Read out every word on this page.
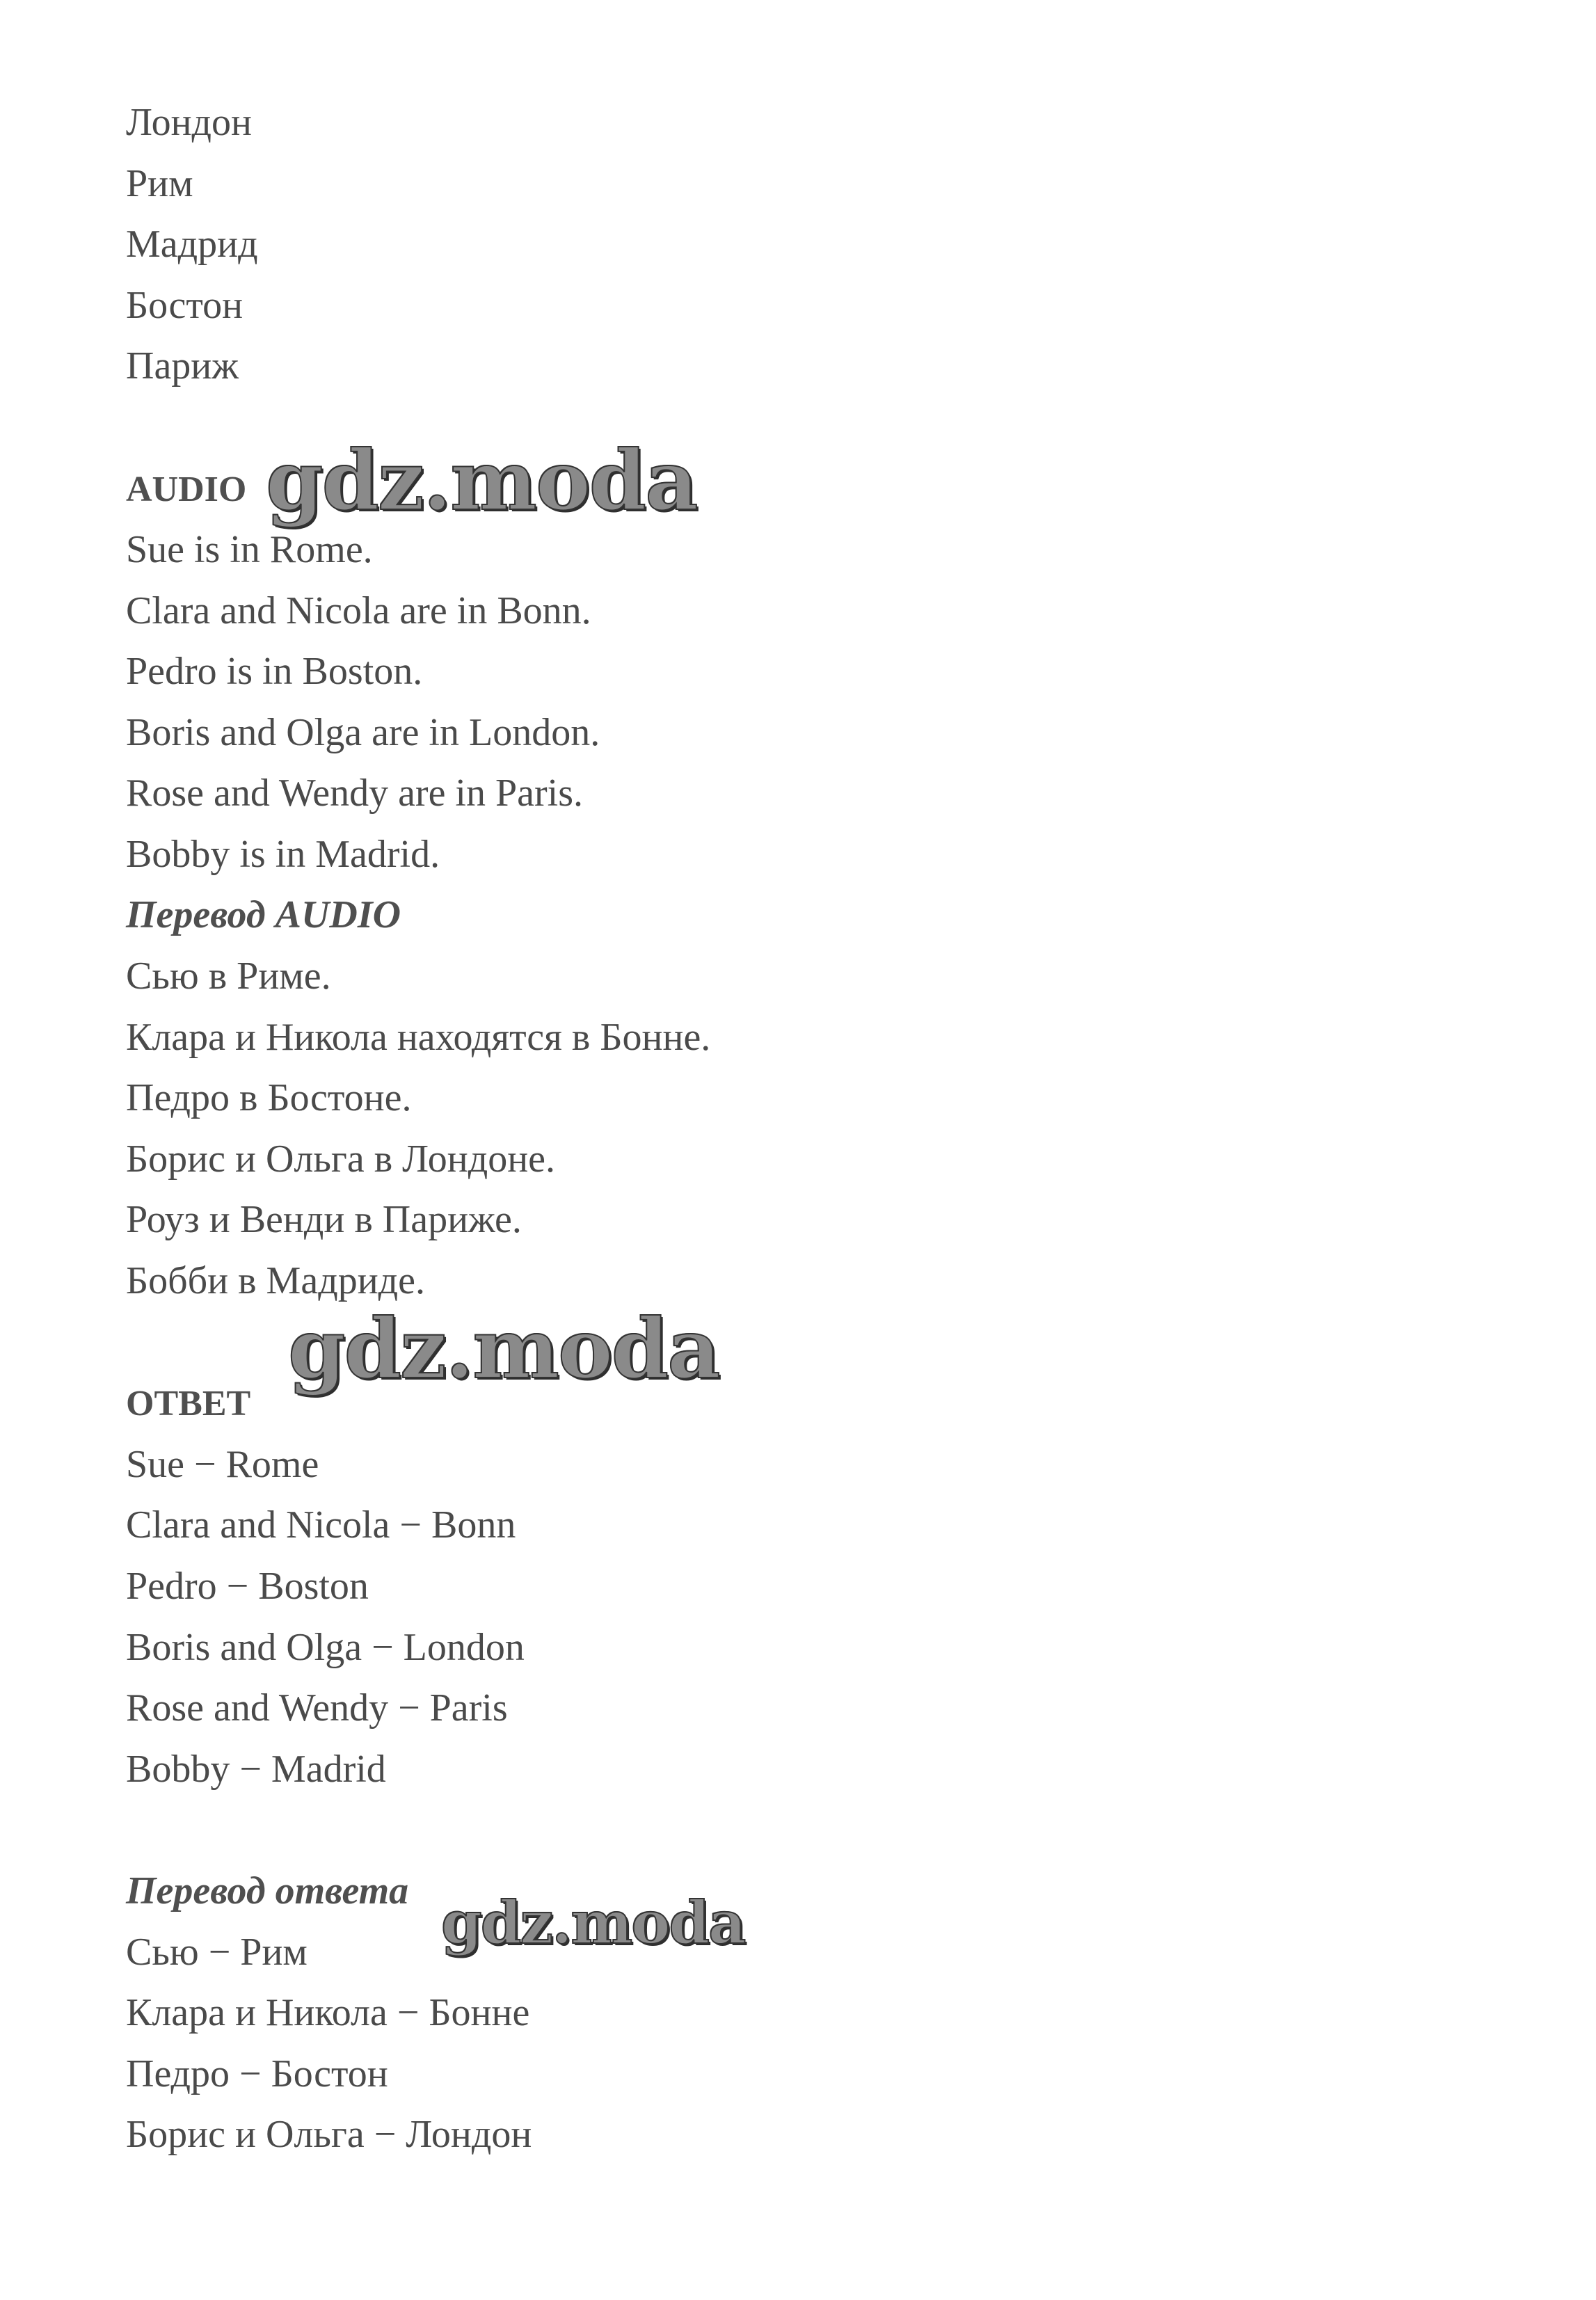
Лондон
Рим
Мадрид
Бостон
Париж
AUDIO
Sue is in Rome.
Clara and Nicola are in Bonn.
Pedro is in Boston.
Boris and Olga are in London.
Rose and Wendy are in Paris.
Bobby is in Madrid.
Перевод AUDIO
Сью в Риме.
Клара и Никола находятся в Бонне.
Педро в Бостоне.
Борис и Ольга в Лондоне.
Роуз и Венди в Париже.
Бобби в Мадриде.
ОТВЕТ
Sue − Rome
Clara and Nicola − Bonn
Pedro − Boston
Boris and Olga − London
Rose and Wendy − Paris
Bobby − Madrid
Перевод ответа
Сью − Рим
Клара и Никола − Бонне
Педро − Бостон
Борис и Ольга − Лондон
gdz.moda
gdz.moda
gdz.moda
